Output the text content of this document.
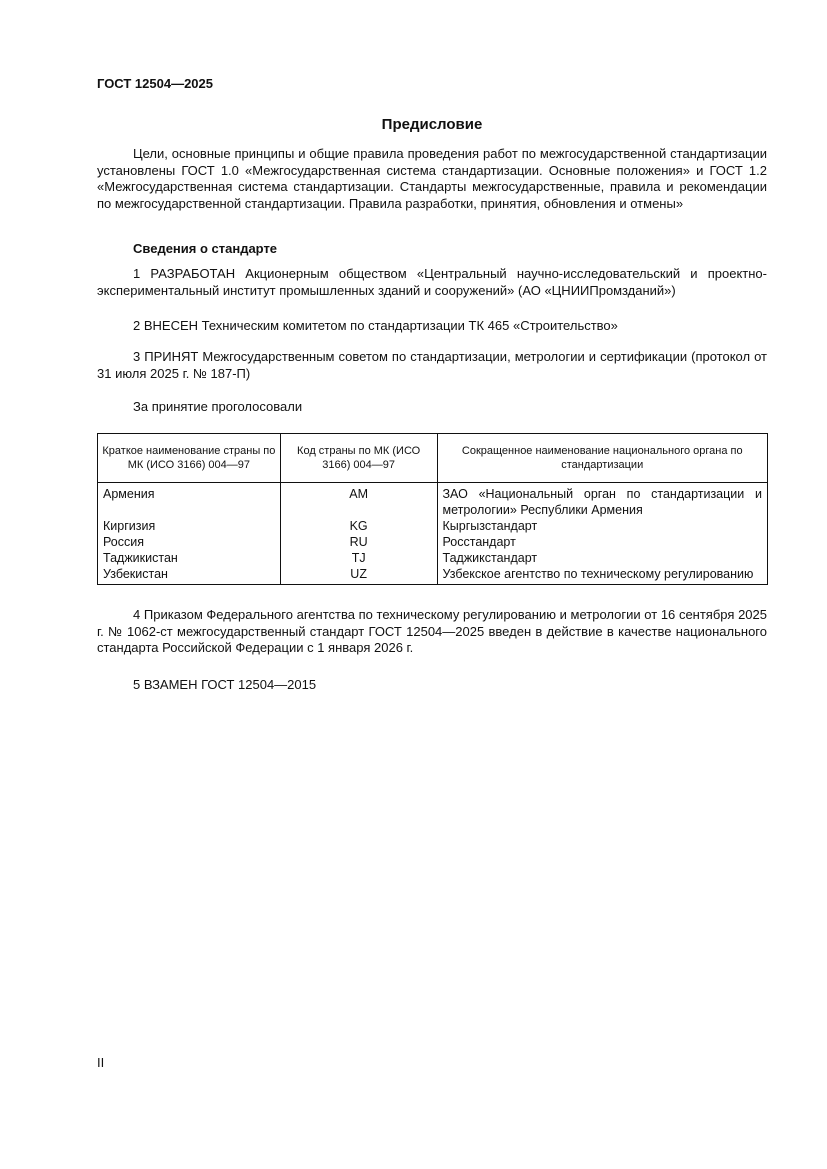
ГОСТ 12504—2025
Предисловие
Цели, основные принципы и общие правила проведения работ по межгосударственной стандартизации установлены ГОСТ 1.0 «Межгосударственная система стандартизации. Основные положения» и ГОСТ 1.2 «Межгосударственная система стандартизации. Стандарты межгосударственные, правила и рекомендации по межгосударственной стандартизации. Правила разработки, принятия, обновления и отмены»
Сведения о стандарте
1 РАЗРАБОТАН Акционерным обществом «Центральный научно-исследовательский и проектно-экспериментальный институт промышленных зданий и сооружений» (АО «ЦНИИПромзданий»)
2 ВНЕСЕН Техническим комитетом по стандартизации ТК 465 «Строительство»
3 ПРИНЯТ Межгосударственным советом по стандартизации, метрологии и сертификации (протокол от 31 июля 2025 г. № 187-П)
За принятие проголосовали
Краткое наименование страны по МК (ИСО 3166) 004—97	Код страны по МК (ИСО 3166) 004—97	Сокращенное наименование национального органа по стандартизации
Армения	AM	ЗАО «Национальный орган по стандартизации и метрологии» Республики Армения
Киргизия	KG	Кыргызстандарт
Россия	RU	Росстандарт
Таджикистан	TJ	Таджикстандарт
Узбекистан	UZ	Узбекское агентство по техническому регулированию
4 Приказом Федерального агентства по техническому регулированию и метрологии от 16 сентября 2025 г. № 1062-ст межгосударственный стандарт ГОСТ 12504—2025 введен в действие в качестве национального стандарта Российской Федерации с 1 января 2026 г.
5 ВЗАМЕН ГОСТ 12504—2015
II
